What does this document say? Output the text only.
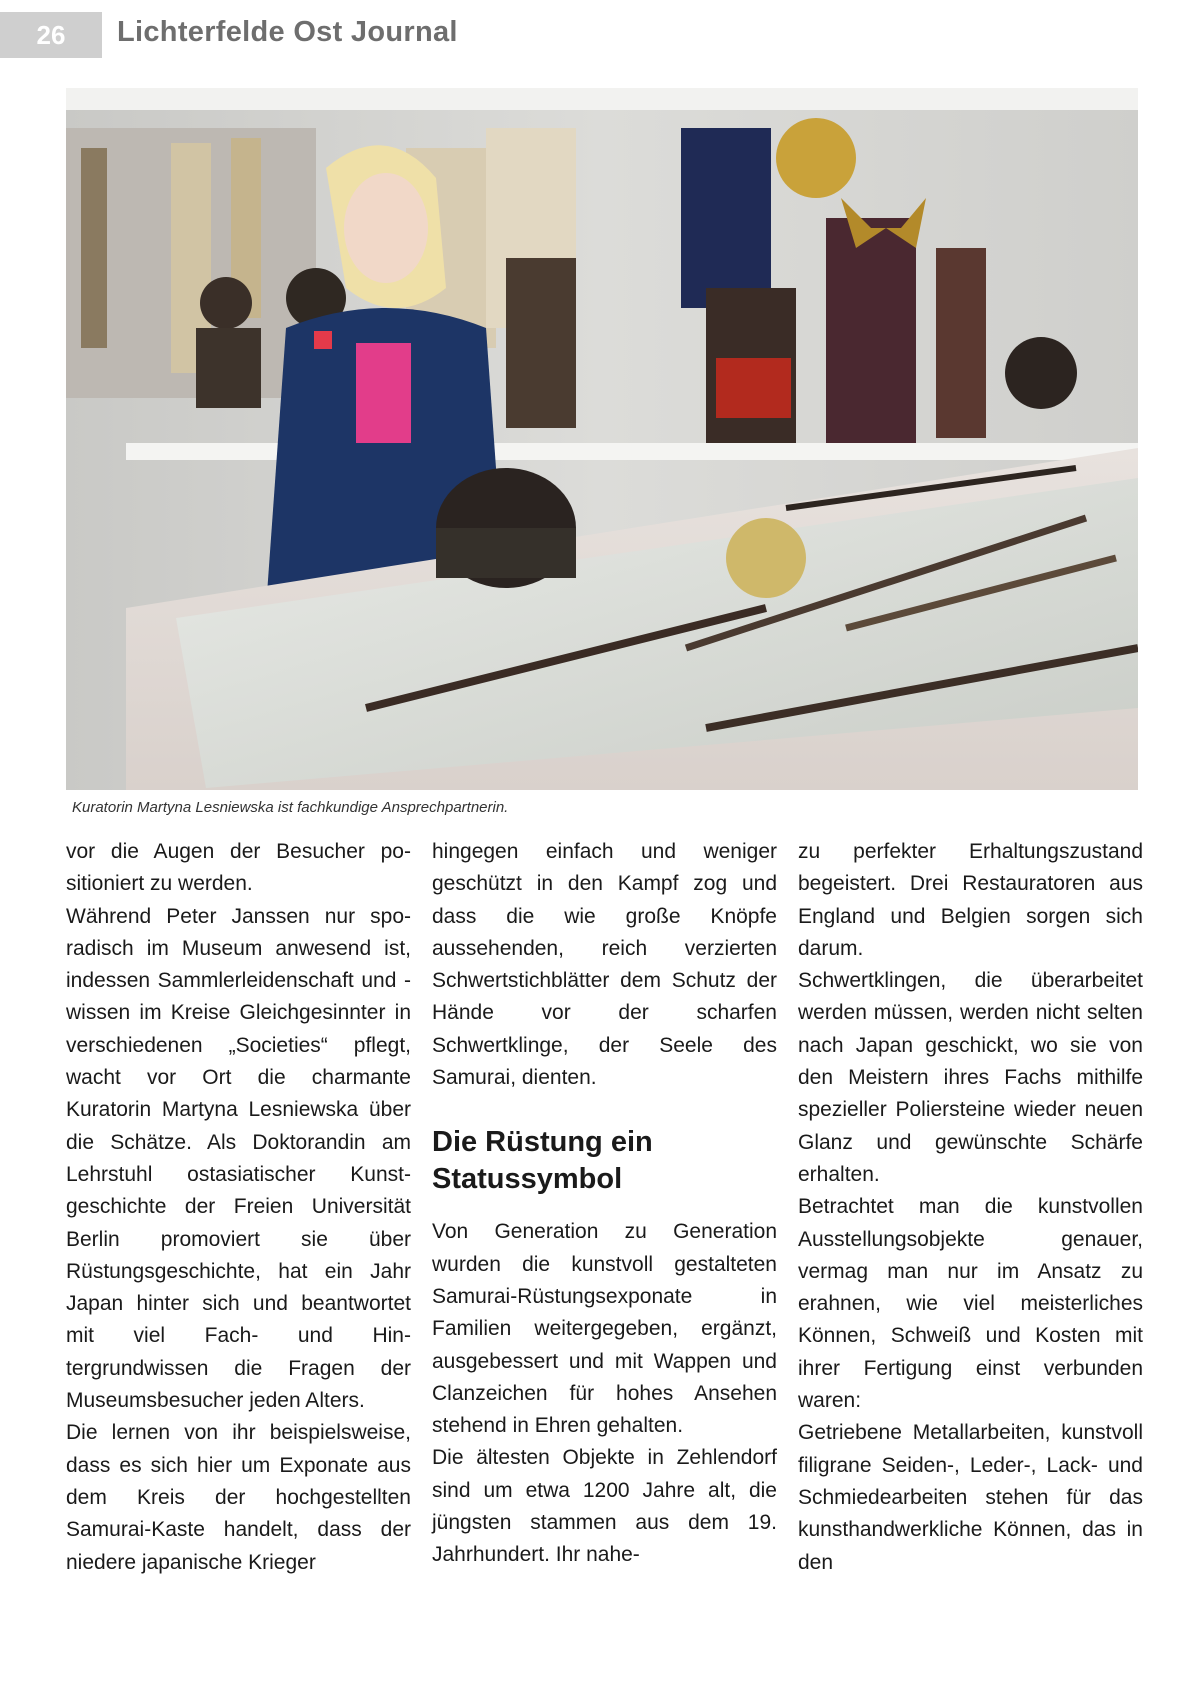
26	Lichterfelde Ost Journal
Kuratorin Martyna Lesniewska ist fachkundige Ansprechpartnerin.

vor die Augen der Besucher positioniert zu werden.

Während Peter Janssen nur sporadisch im Museum anwesend ist, indessen Sammlerleidenschaft und -wissen im Kreise Gleichgesinnter in verschiedenen „Societies“ pflegt, wacht vor Ort die charmante Kuratorin Martyna Lesniewska über die Schätze. Als Doktorandin am Lehrstuhl ostasiatischer Kunstgeschichte der Freien Universität Berlin promoviert sie über Rüstungsgeschichte, hat ein Jahr Japan hinter sich und beantwortet mit viel Fach- und Hintergrundwissen die Fragen der Museumsbesucher jeden Alters.

Die lernen von ihr beispielsweise, dass es sich hier um Exponate aus dem Kreis der hochgestellten Samurai-Kaste handelt, dass der niedere japanische Krieger

hingegen einfach und weniger geschützt in den Kampf zog und dass die wie große Knöpfe aussehenden, reich verzierten Schwertstichblätter dem Schutz der Hände vor der scharfen Schwertklinge, der Seele des Samurai, dienten.

Die Rüstung ein Statussymbol

Von Generation zu Generation wurden die kunstvoll gestalteten Samurai-Rüstungsexponate in Familien weitergegeben, ergänzt, ausgebessert und mit Wappen und Clanzeichen für hohes Ansehen stehend in Ehren gehalten.

Die ältesten Objekte in Zehlendorf sind um etwa 1200 Jahre alt, die jüngsten stammen aus dem 19. Jahrhundert. Ihr nahe-

zu perfekter Erhaltungszustand begeistert. Drei Restauratoren aus England und Belgien sorgen sich darum.

Schwertklingen, die überarbeitet werden müssen, werden nicht selten nach Japan geschickt, wo sie von den Meistern ihres Fachs mithilfe spezieller Poliersteine wieder neuen Glanz und gewünschte Schärfe erhalten.

Betrachtet man die kunstvollen Ausstellungsobjekte genauer, vermag man nur im Ansatz zu erahnen, wie viel meisterliches Können, Schweiß und Kosten mit ihrer Fertigung einst verbunden waren:

Getriebene Metallarbeiten, kunstvoll filigrane Seiden-, Leder-, Lack- und Schmiedearbeiten stehen für das kunsthandwerkliche Können, das in den
